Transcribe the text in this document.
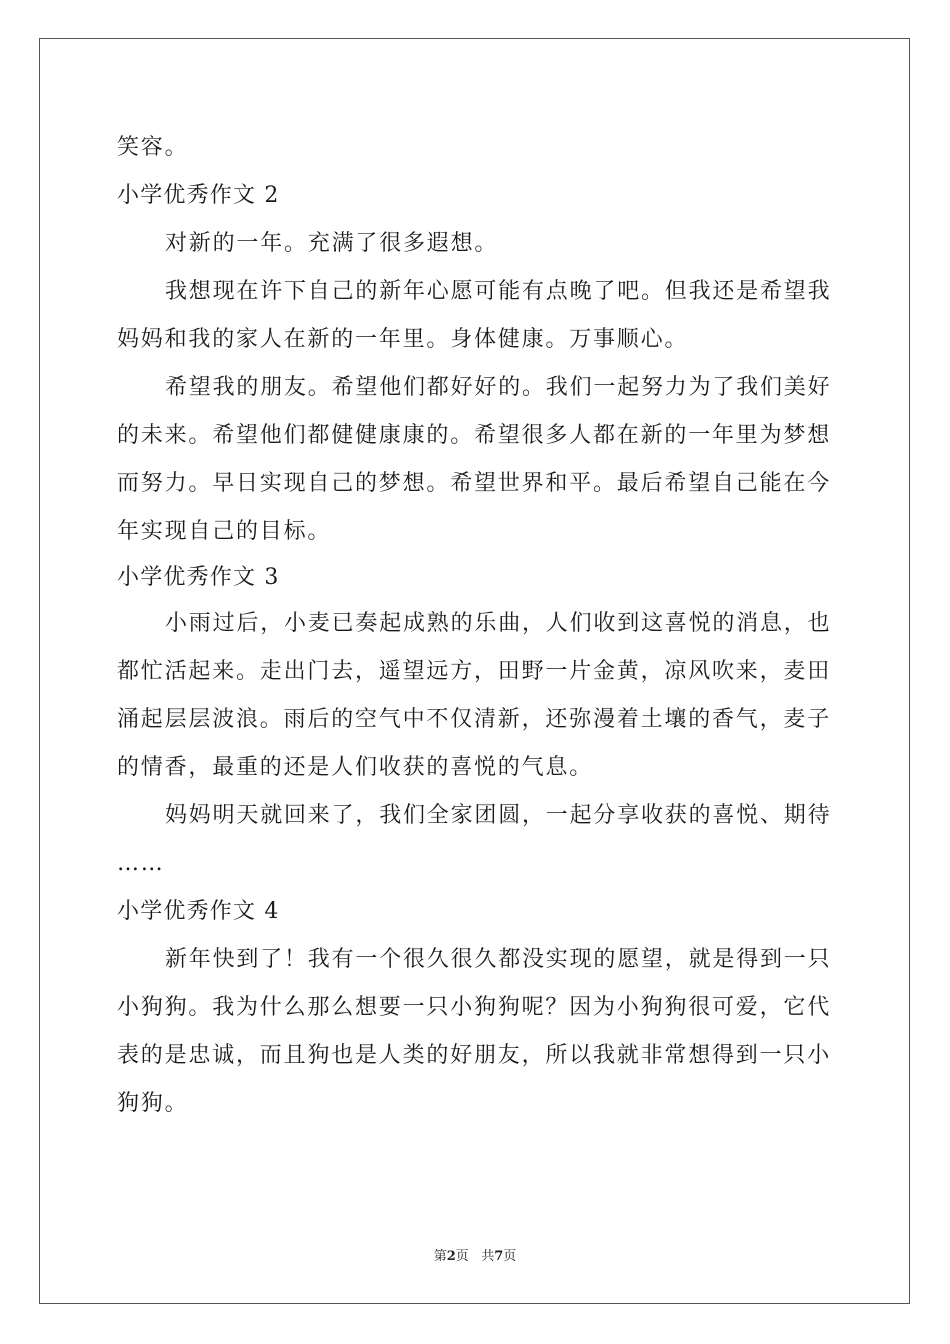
笑容。
小学优秀作文 2
对新的一年。充满了很多遐想。
我想现在许下自己的新年心愿可能有点晚了吧。但我还是希望我
妈妈和我的家人在新的一年里。身体健康。万事顺心。
希望我的朋友。希望他们都好好的。我们一起努力为了我们美好
的未来。希望他们都健健康康的。希望很多人都在新的一年里为梦想
而努力。早日实现自己的梦想。希望世界和平。最后希望自己能在今
年实现自己的目标。
小学优秀作文 3
小雨过后，小麦已奏起成熟的乐曲，人们收到这喜悦的消息，也
都忙活起来。走出门去，遥望远方，田野一片金黄，凉风吹来，麦田
涌起层层波浪。雨后的空气中不仅清新，还弥漫着土壤的香气，麦子
的情香，最重的还是人们收获的喜悦的气息。
妈妈明天就回来了，我们全家团圆，一起分享收获的喜悦、期待
……
小学优秀作文 4
新年快到了！我有一个很久很久都没实现的愿望，就是得到一只
小狗狗。我为什么那么想要一只小狗狗呢？因为小狗狗很可爱，它代
表的是忠诚，而且狗也是人类的好朋友，所以我就非常想得到一只小
狗狗。
第2页 共7页
